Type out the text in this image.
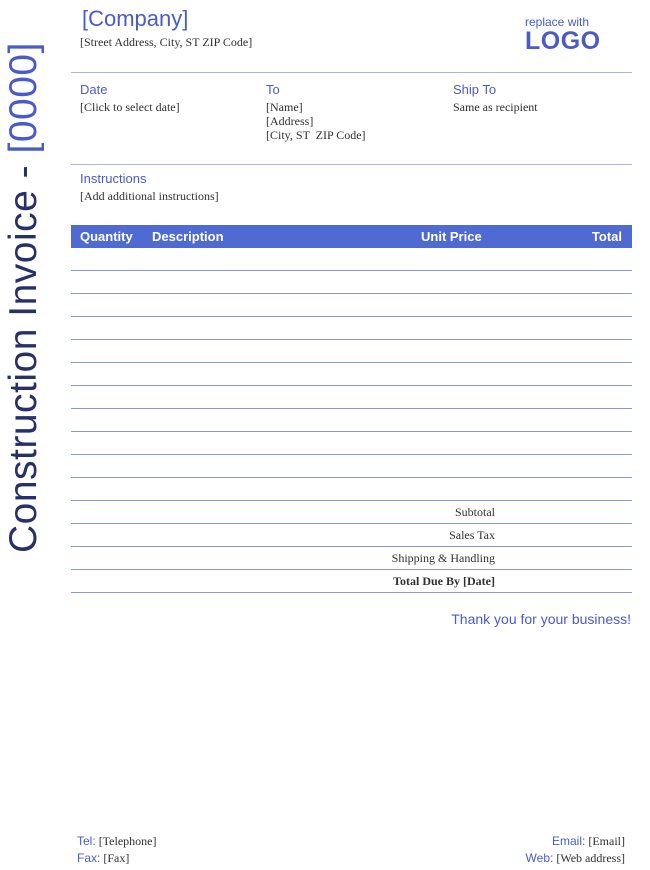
Construction Invoice - [0000]
[Company]
[Street Address, City, ST ZIP Code]
replace with
LOGO
Date
[Click to select date]
To
[Name]
[Address]
[City, ST  ZIP Code]
Ship To
Same as recipient
Instructions
[Add additional instructions]
Quantity Description	Unit Price	Total
Subtotal
Sales Tax
Shipping & Handling
Total Due By [Date]
Thank you for your business!
Tel: [Telephone]
Fax: [Fax]
Email: [Email]
Web: [Web address]
